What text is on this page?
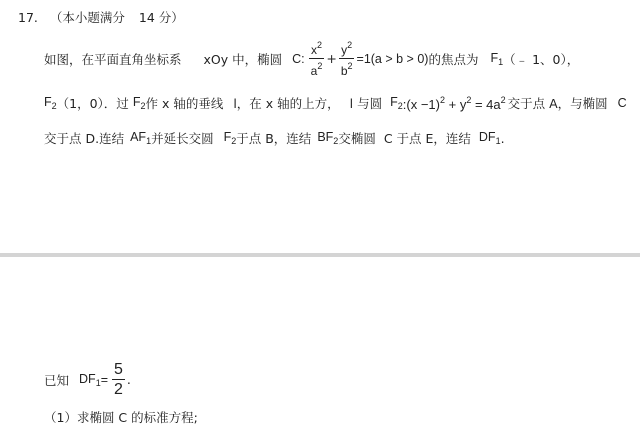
17. （本小题满分 14 分）
如图，在平面直角坐标系 xOy 中，椭圆 C: $\frac{x^2}{a^2} + \frac{y^2}{b^2} =1(a > b > 0)$ 的焦点为 $F_1$ （﹣ 1、0），
$F_2$ （1，0）．过 $F_2$ 作 x 轴的垂线 l，在 x 轴的上方， l 与圆 $F_2$ :(x $-1)^2 + y^2 = 4a^2$ 交于点 A，与椭圆 C
交于点 D.连结 $AF_1$ 并延长交圆 $F_2$ 于点 B，连结 $BF_2$ 交椭圆 C 于点 E，连结 $DF_1$ .
已知 $DF_1 = \frac{5}{2}$ .
（1）求椭圆 C 的标准方程;
